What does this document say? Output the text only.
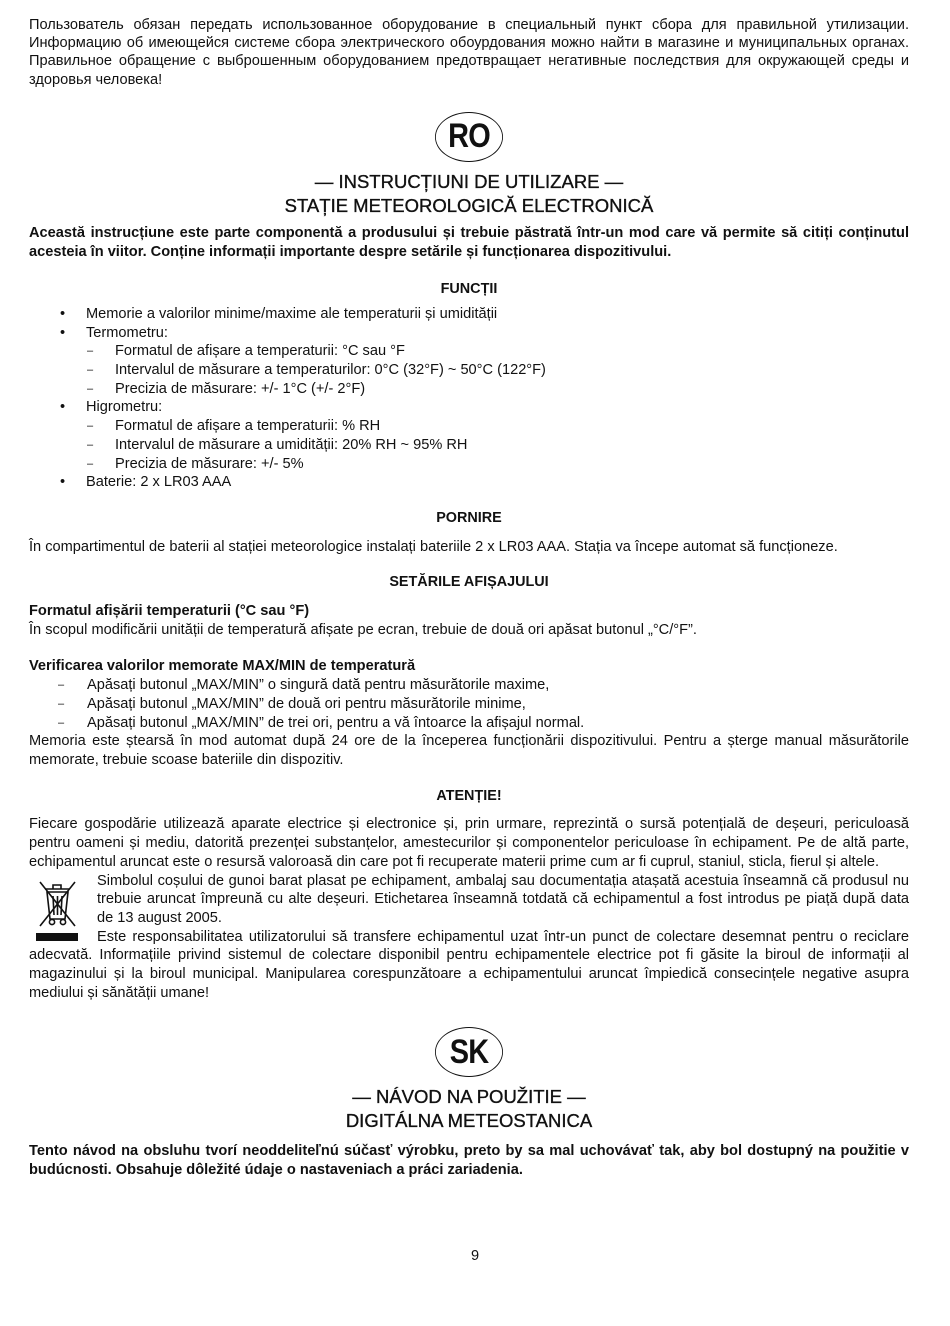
Пользователь обязан передать использованное оборудование в специальный пункт сбора для правильной утилизации. Информацию об имеющейся системе сбора электрического обоурдования можно найти в магазине и муниципальных органах. Правильное обращение с выброшенным оборудованием предотвращает негативные последствия для окружающей среды и здоровья человека!

RO
— INSTRUCȚIUNI DE UTILIZARE —
STAȚIE METEOROLOGICĂ ELECTRONICĂ

Această instrucțiune este parte componentă a produsului și trebuie păstrată într-un mod care vă permite să citiți conținutul acesteia în viitor. Conține informații importante despre setările și funcționarea dispozitivului.

FUNCȚII
• Memorie a valorilor minime/maxime ale temperaturii și umidității
• Termometru:
– Formatul de afișare a temperaturii: °C sau °F
– Intervalul de măsurare a temperaturilor: 0°C (32°F) ~ 50°C (122°F)
– Precizia de măsurare: +/- 1°C (+/- 2°F)
• Higrometru:
– Formatul de afișare a temperaturii: % RH
– Intervalul de măsurare a umidității: 20% RH ~ 95% RH
– Precizia de măsurare: +/- 5%
• Baterie: 2 x LR03 AAA
PORNIRE

În compartimentul de baterii al stației meteorologice instalați bateriile 2 x LR03 AAA. Stația va începe automat să funcționeze.

SETĂRILE AFIȘAJULUI

Formatul afișării temperaturii (°C sau °F)

În scopul modificării unității de temperatură afișate pe ecran, trebuie de două ori apăsat butonul „°C/°F”.

Verificarea valorilor memorate MAX/MIN de temperatură

– Apăsați butonul „MAX/MIN” o singură dată pentru măsurătorile maxime,
– Apăsați butonul „MAX/MIN” de două ori pentru măsurătorile minime,
– Apăsați butonul „MAX/MIN” de trei ori, pentru a vă întoarce la afișajul normal.

Memoria este ștearsă în mod automat după 24 ore de la începerea funcționării dispozitivului. Pentru a șterge manual măsurătorile memorate, trebuie scoase bateriile din dispozitiv.

ATENȚIE!

Fiecare gospodărie utilizează aparate electrice și electronice și, prin urmare, reprezintă o sursă potențială de deșeuri, periculoasă pentru oameni și mediu, datorită prezenței substanțelor, amestecurilor și componentelor periculoase în echipament. Pe de altă parte, echipamentul aruncat este o resursă valoroasă din care pot fi recuperate materii prime cum ar fi cuprul, staniul, sticla, fierul și altele.

Simbolul coșului de gunoi barat plasat pe echipament, ambalaj sau documentația atașată acestuia înseamnă că produsul nu trebuie aruncat împreună cu alte deșeuri. Etichetarea înseamnă totdată că echipamentul a fost introdus pe piață după data de 13 august 2005.

Este responsabilitatea utilizatorului să transfere echipamentul uzat într-un punct de colectare desemnat pentru o reciclare adecvată. Informațiile privind sistemul de colectare disponibil pentru echipamentele electrice pot fi găsite la biroul de informații al magazinului și la biroul municipal. Manipularea corespunzătoare a echipamentului aruncat împiedică consecințele negative asupra mediului și sănătății umane!

SK
— NÁVOD NA POUŽITIE —
DIGITÁLNA METEOSTANICA

Tento návod na obsluhu tvorí neoddeliteľnú súčasť výrobku, preto by sa mal uchovávať tak, aby bol dostupný na použitie v budúcnosti. Obsahuje dôležité údaje o nastaveniach a práci zariadenia.

9
